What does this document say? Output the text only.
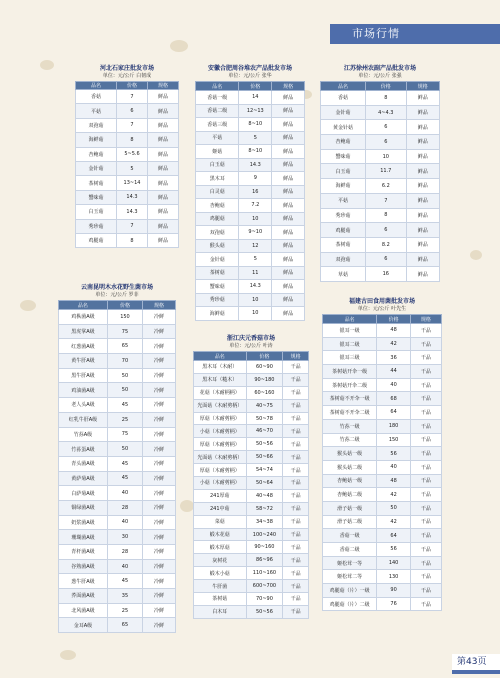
市场行情
河北石家庄批发市场
单位：元/公斤 白韧成
品名	价格	规格
香菇	7	鲜品
平菇	6	鲜品
双孢菇	7	鲜品
海鲜菇	8	鲜品
杏鲍菇	5~5.6	鲜品
金针菇	5	鲜品
茶树菇	13~14	鲜品
蟹味菇	14.3	鲜品
白玉菇	14.3	鲜品
秀珍菇	7	鲜品
鸡腿菇	8	鲜品
安徽合肥周谷堆农产品批发市场
单位：元/公斤 张华
品名	价格	规格
香菇一级	14	鲜品
香菇二级	12~13	鲜品
香菇三级	8~10	鲜品
平菇	5	鲜品
姬菇	8~10	鲜品
白玉菇	14.3	鲜品
黑木耳	9	鲜品
白灵菇	16	鲜品
杏鲍菇	7.2	鲜品
鸡腿菇	10	鲜品
双孢菇	9~10	鲜品
猴头菇	12	鲜品
金针菇	5	鲜品
茶树菇	11	鲜品
蟹味菇	14.3	鲜品
秀珍菇	10	鲜品
海鲜菇	10	鲜品
江苏徐州农副产品批发市场
单位：元/公斤 张强
品名	价格	规格
香菇	8	鲜品
金针菇	4~4.3	鲜品
黄金针菇	6	鲜品
杏鲍菇	6	鲜品
蟹味菇	10	鲜品
白玉菇	11.7	鲜品
海鲜菇	6.2	鲜品
平菇	7	鲜品
秀珍菇	8	鲜品
鸡腿菇	6	鲜品
茶树菇	8.2	鲜品
双孢菇	6	鲜品
草菇	16	鲜品
云南昆明木水花野生菌市场
单位：元/公斤 罗菲
品名	价格	规格
鸡枞菌A级	150	冷鲜
黑虎掌A级	75	冷鲜
红葱菌A级	65	冷鲜
黄牛肝A级	70	冷鲜
黑牛肝A级	50	冷鲜
鸡油菌A级	50	冷鲜
老人头A级	45	冷鲜
红乳牛肝A级	25	冷鲜
竹荪A级	75	冷鲜
竹荪蛋A级	50	冷鲜
青头菌A级	45	冷鲜
黄萨菊A级	45	冷鲜
白萨菊A级	40	冷鲜
铜绿菌A级	28	冷鲜
奶浆菌A级	40	冷鲜
珊瑚菌A级	30	冷鲜
青杆菌A级	28	冷鲜
谷熟菌A级	40	冷鲜
葱牛肝A级	45	冷鲜
荞面菌A级	35	冷鲜
北风菌A级	25	冷鲜
金耳A级	65	冷鲜
浙江庆元香菇市场
单位：元/公斤 叶涛
品名	价格	规格
黑木耳（木耐）	60~90	干品
黑木耳（糙木）	90~180	干品
花菇（木耐柄柄）	60~160	干品
光面菇（木耐剪柄）	40~75	干品
厚菇（木耐剪柄）	50~78	干品
小菇（木耐剪柄）	46~70	干品
厚菇（木耐剪柄）	50~56	干品
光面菇（木耐剪柄）	50~66	干品
厚菇（木耐剪柄）	54~74	干品
小菇（木耐剪柄）	50~64	干品
241厚菇	40~48	干品
241中菇	58~72	干品
菜菇	34~38	干品
椴木花菇	100~240	干品
椴木厚菇	90~160	干品
灰树花	86~96	干品
椴木小菇	110~160	干品
牛肝菌	600~700	干品
茶树菇	70~90	干品
白木耳	50~56	干品
福建古田食用菌批发市场
单位：元/公斤 叶先生
品名	价格	规格
银耳一级	48	干品
银耳二级	42	干品
银耳三级	36	干品
茶树菇开伞一级	44	干品
茶树菇开伞二级	40	干品
茶树菇不开伞一级	68	干品
茶树菇不开伞二级	64	干品
竹荪一级	180	干品
竹荪二级	150	干品
猴头菇一级	56	干品
猴头菇二级	40	干品
杏鲍菇一级	48	干品
杏鲍菇二级	42	干品
滑子菇一级	50	干品
滑子菇二级	42	干品
香菇一级	64	干品
香菇二级	56	干品
姬松茸一等	140	干品
姬松茸二等	130	干品
鸡腿菇（片）一级	90	干品
鸡腿菇（片）二级	76	干品
第43页
